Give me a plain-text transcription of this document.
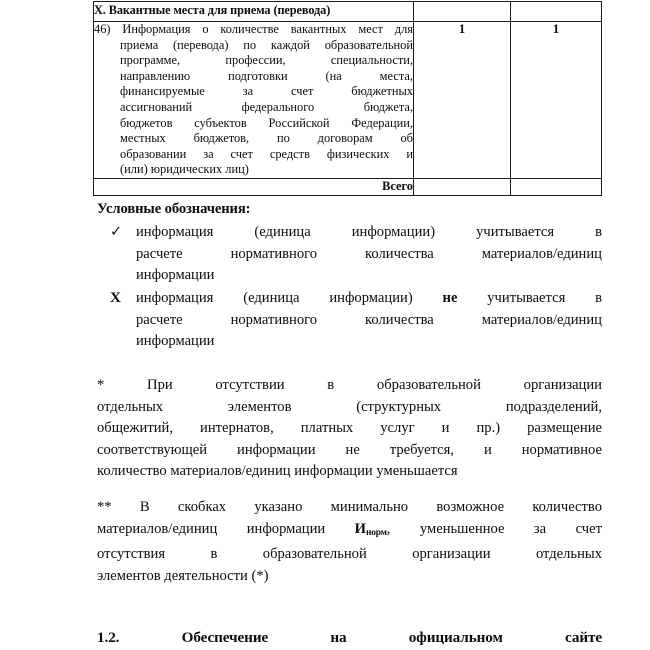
X. Вакантные места для приема (перевода)		

46) Информация о количестве вакантных мест для
приема (перевода) по каждой образовательной
программе, профессии, специальности,
направлению подготовки (на места,
финансируемые за счет бюджетных
ассигнований федерального бюджета,
бюджетов субъектов Российской Федерации,
местных бюджетов, по договорам об
образовании за счет средств физических и
(или) юридических лиц)
	1	1
Всего		
Условные обозначения:
✓ информация (единица информации) учитывается в
расчете нормативного количества материалов/единиц
информации
X информация (единица информации) не учитывается в
расчете нормативного количества материалов/единиц
информации
* При отсутствии в образовательной организации
отдельных элементов (структурных подразделений,
общежитий, интернатов, платных услуг и пр.) размещение
соответствующей информации не требуется, и нормативное
количество материалов/единиц информации уменьшается
** В скобках указано минимально возможное количество
материалов/единиц информации $И_{норм}$, уменьшенное за счет
отсутствия в образовательной организации отдельных
элементов деятельности (*)
1.2.	Обеспечение на официальном сайте
